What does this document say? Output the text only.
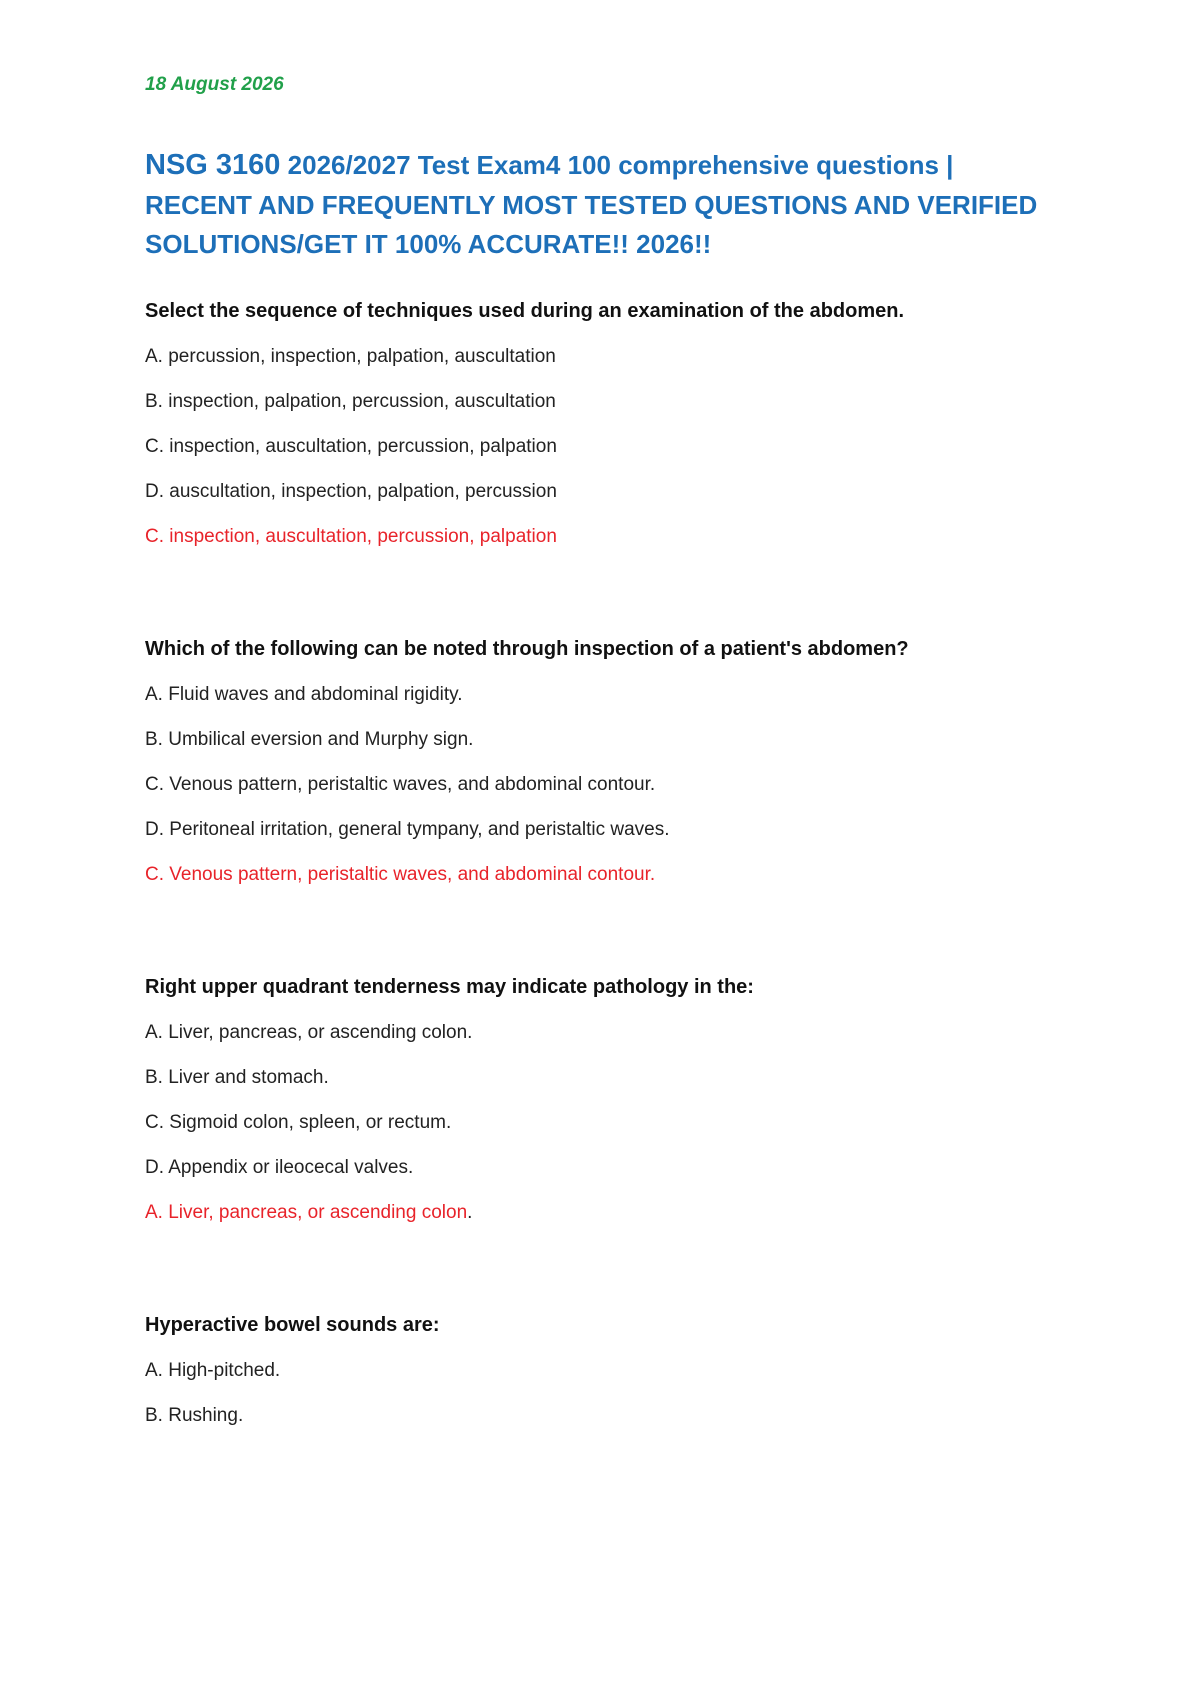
18 August 2026

NSG 3160 2026/2027 Test Exam4 100 comprehensive questions | RECENT AND FREQUENTLY MOST TESTED QUESTIONS AND VERIFIED SOLUTIONS/GET IT 100% ACCURATE!! 2026!!

Select the sequence of techniques used during an examination of the abdomen.

A. percussion, inspection, palpation, auscultation

B. inspection, palpation, percussion, auscultation

C. inspection, auscultation, percussion, palpation

D. auscultation, inspection, palpation, percussion

C. inspection, auscultation, percussion, palpation

Which of the following can be noted through inspection of a patient's abdomen?

A. Fluid waves and abdominal rigidity.

B. Umbilical eversion and Murphy sign.

C. Venous pattern, peristaltic waves, and abdominal contour.

D. Peritoneal irritation, general tympany, and peristaltic waves.

C. Venous pattern, peristaltic waves, and abdominal contour.

Right upper quadrant tenderness may indicate pathology in the:

A. Liver, pancreas, or ascending colon.

B. Liver and stomach.

C. Sigmoid colon, spleen, or rectum.

D. Appendix or ileocecal valves.

A. Liver, pancreas, or ascending colon.

Hyperactive bowel sounds are:

A. High-pitched.

B. Rushing.
